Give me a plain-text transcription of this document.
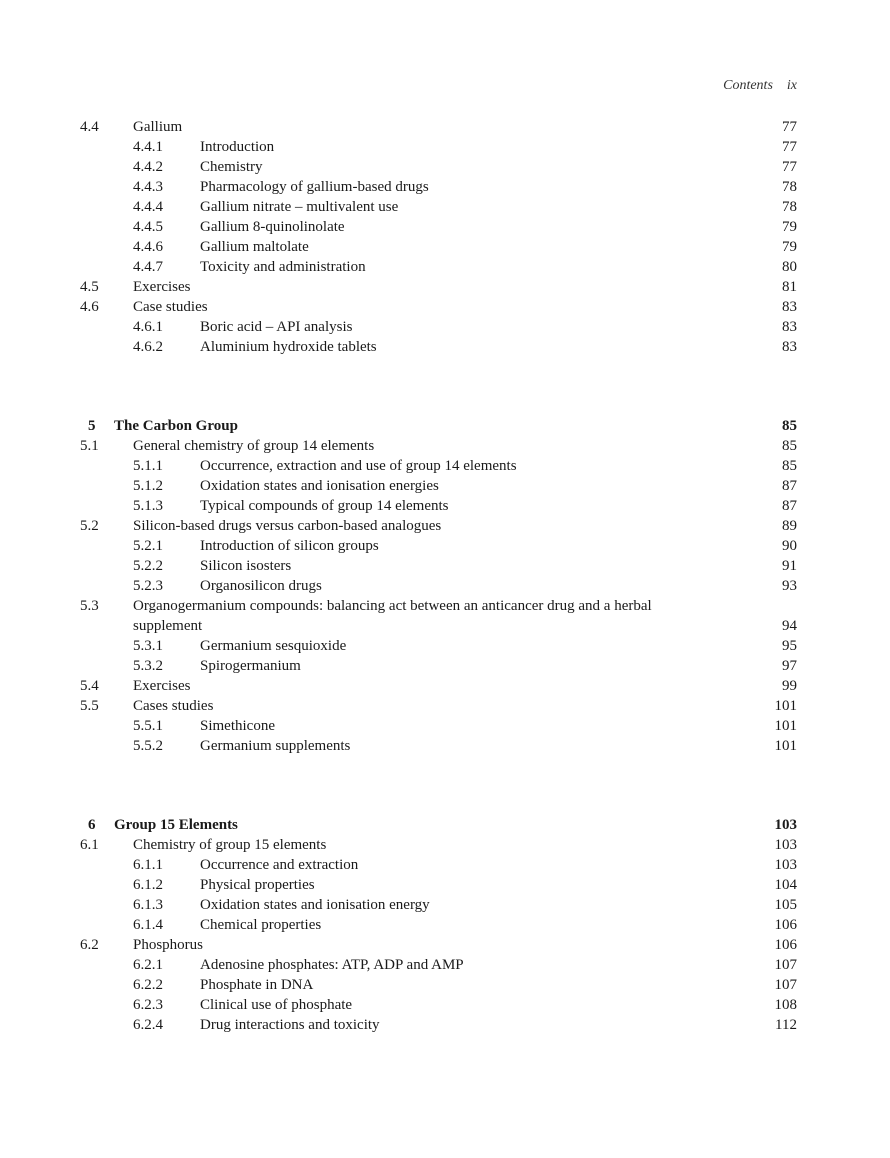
Contents ix
4.4 Gallium	77
4.4.1 Introduction	77
4.4.2 Chemistry	77
4.4.3 Pharmacology of gallium-based drugs	78
4.4.4 Gallium nitrate – multivalent use	78
4.4.5 Gallium 8-quinolinolate	79
4.4.6 Gallium maltolate	79
4.4.7 Toxicity and administration	80
4.5 Exercises	81
4.6 Case studies	83
4.6.1 Boric acid – API analysis	83
4.6.2 Aluminium hydroxide tablets	83
5 The Carbon Group	85
5.1 General chemistry of group 14 elements	85
5.1.1 Occurrence, extraction and use of group 14 elements	85
5.1.2 Oxidation states and ionisation energies	87
5.1.3 Typical compounds of group 14 elements	87
5.2 Silicon-based drugs versus carbon-based analogues	89
5.2.1 Introduction of silicon groups	90
5.2.2 Silicon isosters	91
5.2.3 Organosilicon drugs	93
5.3 Organogermanium compounds: balancing act between an anticancer drug and a herbal
supplement	94
5.3.1 Germanium sesquioxide	95
5.3.2 Spirogermanium	97
5.4 Exercises	99
5.5 Cases studies	101
5.5.1 Simethicone	101
5.5.2 Germanium supplements	101
6 Group 15 Elements	103
6.1 Chemistry of group 15 elements	103
6.1.1 Occurrence and extraction	103
6.1.2 Physical properties	104
6.1.3 Oxidation states and ionisation energy	105
6.1.4 Chemical properties	106
6.2 Phosphorus	106
6.2.1 Adenosine phosphates: ATP, ADP and AMP	107
6.2.2 Phosphate in DNA	107
6.2.3 Clinical use of phosphate	108
6.2.4 Drug interactions and toxicity	112
